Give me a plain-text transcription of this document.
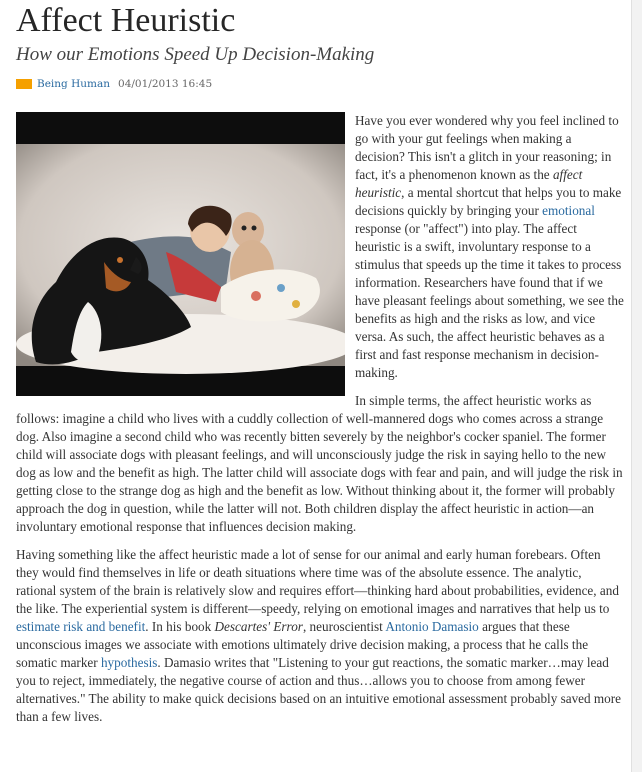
Affect Heuristic
How our Emotions Speed Up Decision-Making
Being Human 04/01/2013 16:45

Have you ever wondered why you feel inclined to go with your gut feelings when making a decision? This isn't a glitch in your reasoning; in fact, it's a phenomenon known as the affect heuristic, a mental shortcut that helps you to make decisions quickly by bringing your emotional response (or "affect") into play. The affect heuristic is a swift, involuntary response to a stimulus that speeds up the time it takes to process information. Researchers have found that if we have pleasant feelings about something, we see the benefits as high and the risks as low, and vice versa. As such, the affect heuristic behaves as a first and fast response mechanism in decision-making.

In simple terms, the affect heuristic works as follows: imagine a child who lives with a cuddly collection of well-mannered dogs who comes across a strange dog. Also imagine a second child who was recently bitten severely by the neighbor's cocker spaniel. The former child will associate dogs with pleasant feelings, and will unconsciously judge the risk in saying hello to the new dog as low and the benefit as high. The latter child will associate dogs with fear and pain, and will judge the risk in getting close to the strange dog as high and the benefit as low. Without thinking about it, the former will probably approach the dog in question, while the latter will not. Both children display the affect heuristic in action—an involuntary emotional response that influences decision making.

Having something like the affect heuristic made a lot of sense for our animal and early human forebears. Often they would find themselves in life or death situations where time was of the absolute essence. The analytic, rational system of the brain is relatively slow and requires effort—thinking hard about probabilities, evidence, and the like. The experiential system is different—speedy, relying on emotional images and narratives that help us to estimate risk and benefit. In his book Descartes' Error, neuroscientist Antonio Damasio argues that these unconscious images we associate with emotions ultimately drive decision making, a process that he calls the somatic marker hypothesis. Damasio writes that "Listening to your gut reactions, the somatic marker…may lead you to reject, immediately, the negative course of action and thus…allows you to choose from among fewer alternatives." The ability to make quick decisions based on an intuitive emotional assessment probably saved more than a few lives.
